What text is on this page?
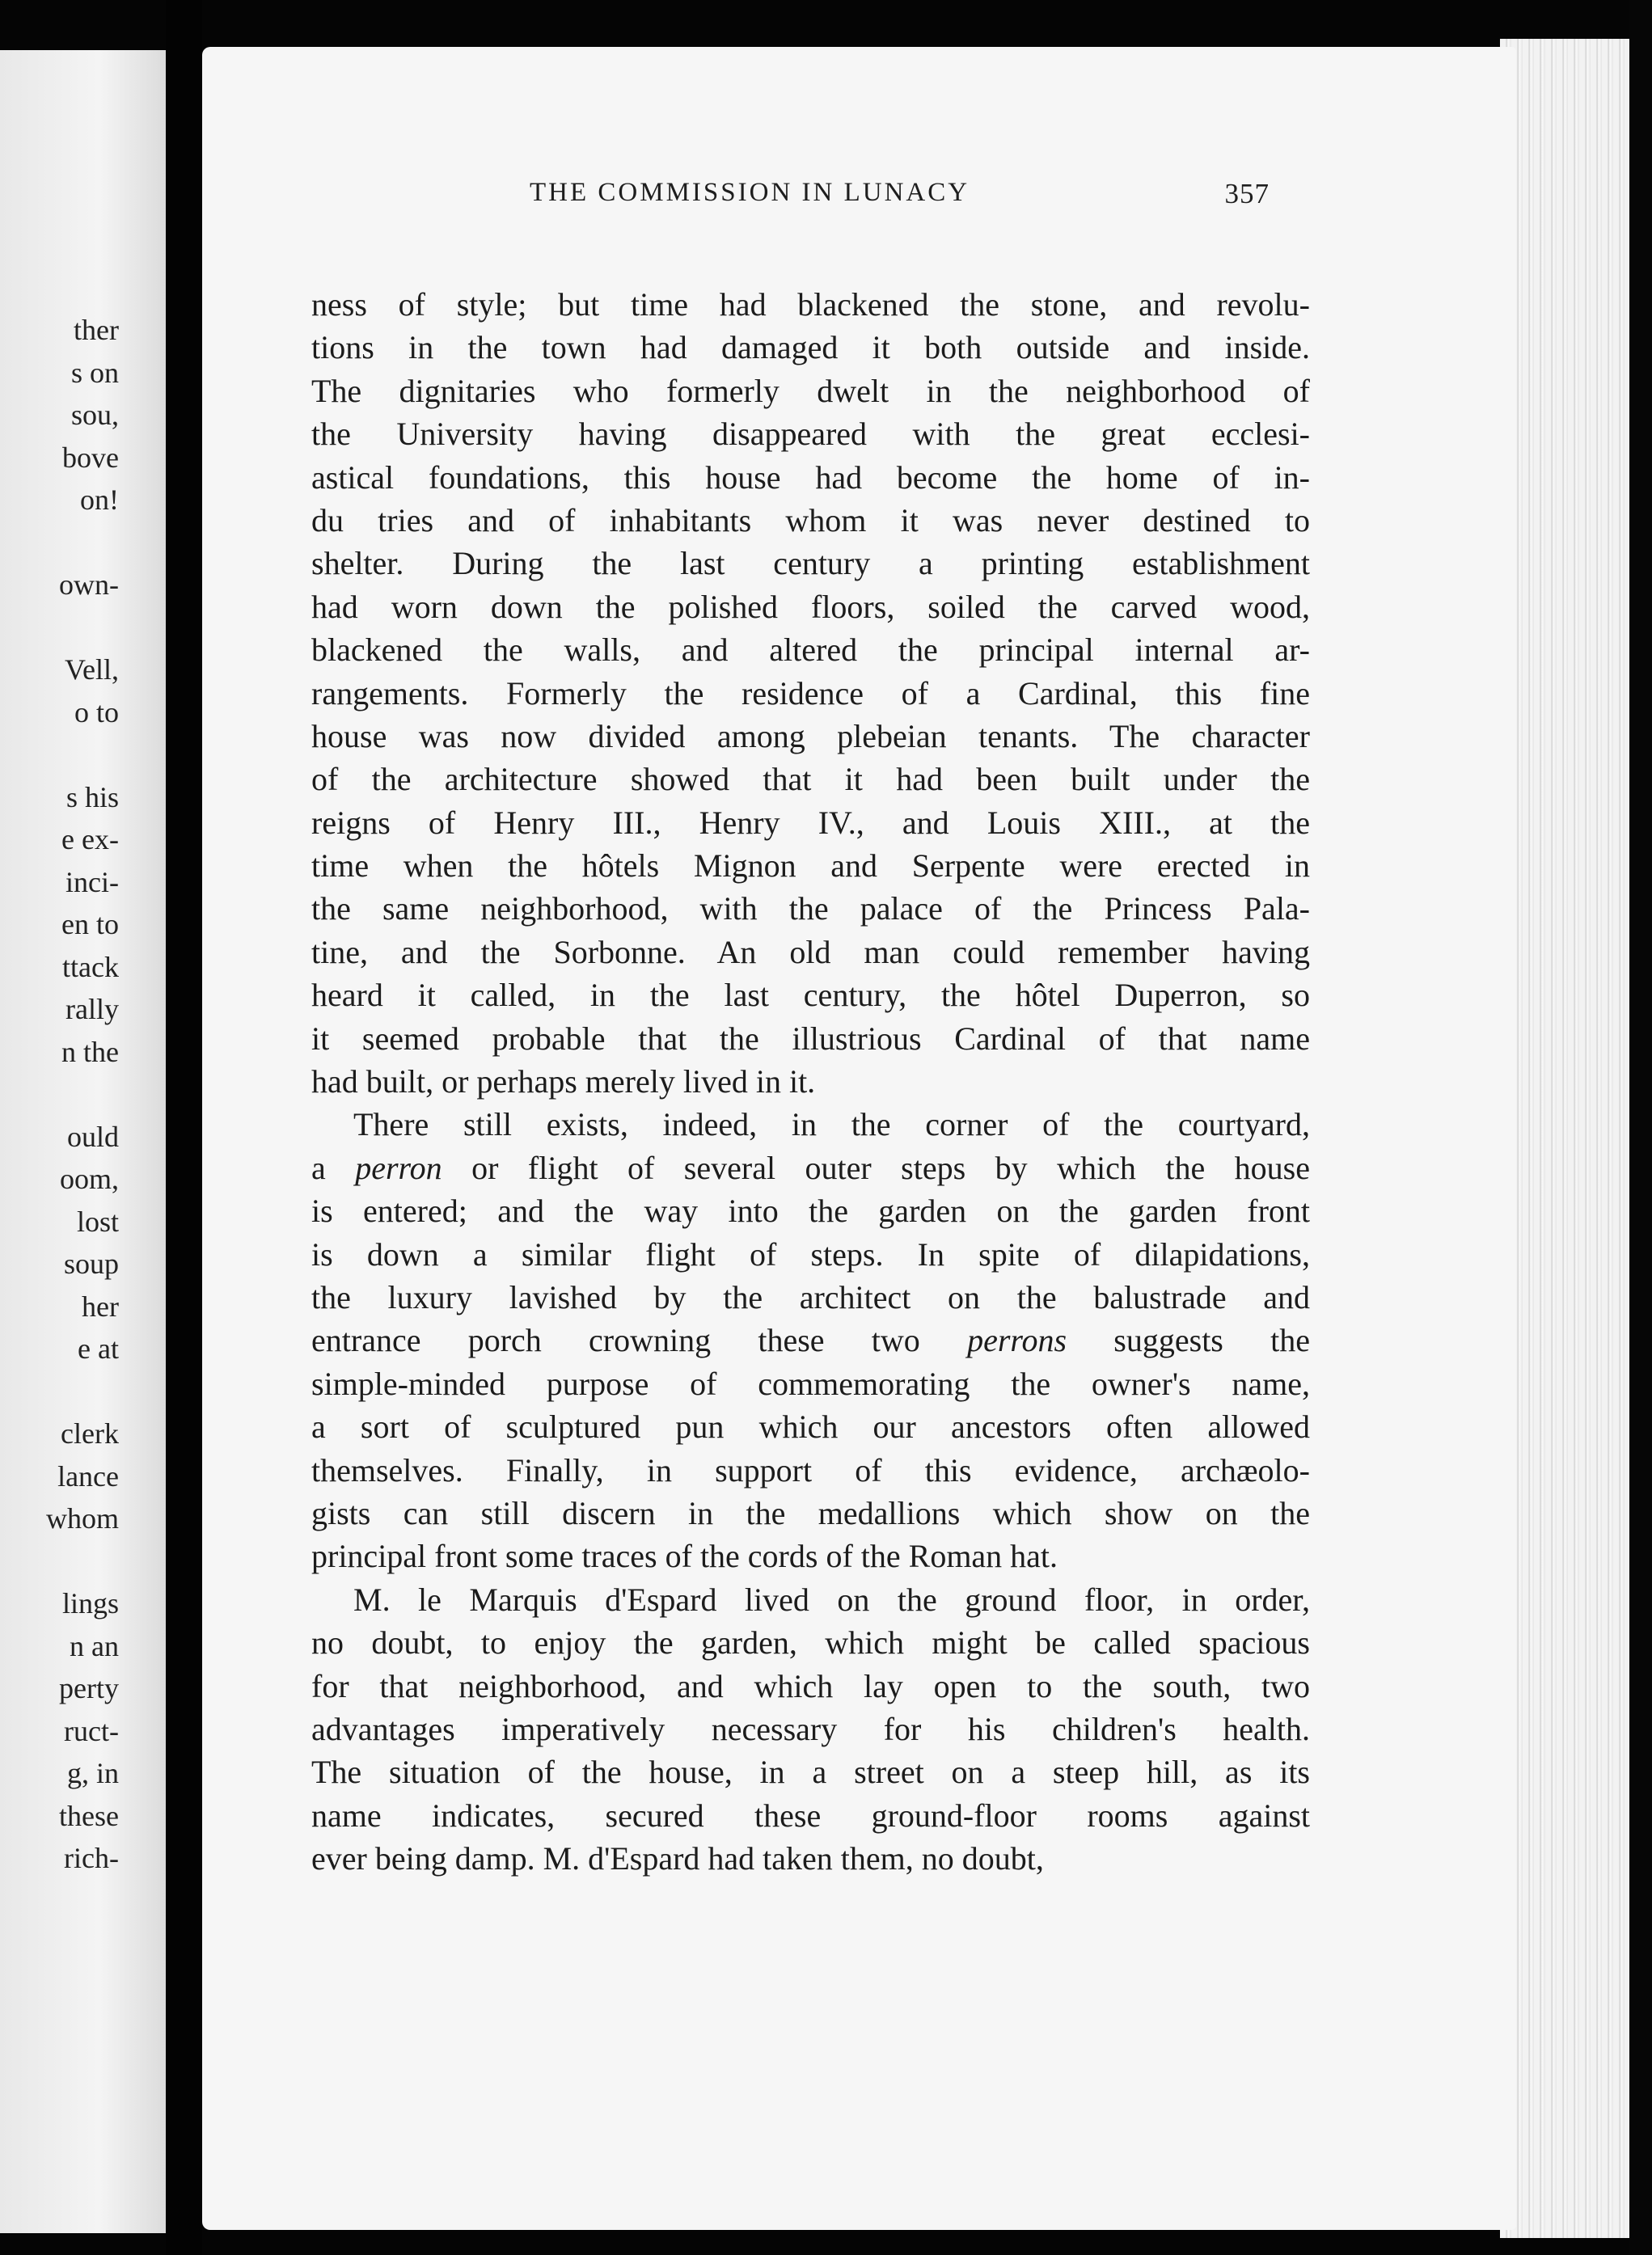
ther
s on
sou,
bove
on!
own-
Vell,
o to
s his
e ex-
inci-
en to
ttack
rally
n the
ould
oom,
lost
soup
her
e at
clerk
lance
whom
lings
n an
perty
ruct-
g, in
these
rich-
THE COMMISSION IN LUNACY	357
ness of style; but time had blackened the stone, and revolu-
tions in the town had damaged it both outside and inside.
The dignitaries who formerly dwelt in the neighborhood of
the University having disappeared with the great ecclesi-
astical foundations, this house had become the home of in-
du tries and of inhabitants whom it was never destined to
shelter. During the last century a printing establishment
had worn down the polished floors, soiled the carved wood,
blackened the walls, and altered the principal internal ar-
rangements. Formerly the residence of a Cardinal, this fine
house was now divided among plebeian tenants. The character
of the architecture showed that it had been built under the
reigns of Henry III., Henry IV., and Louis XIII., at the
time when the hôtels Mignon and Serpente were erected in
the same neighborhood, with the palace of the Princess Pala-
tine, and the Sorbonne. An old man could remember having
heard it called, in the last century, the hôtel Duperron, so
it seemed probable that the illustrious Cardinal of that name
had built, or perhaps merely lived in it.
There still exists, indeed, in the corner of the courtyard,
a perron or flight of several outer steps by which the house
is entered; and the way into the garden on the garden front
is down a similar flight of steps. In spite of dilapidations,
the luxury lavished by the architect on the balustrade and
entrance porch crowning these two perrons suggests the
simple-minded purpose of commemorating the owner's name,
a sort of sculptured pun which our ancestors often allowed
themselves. Finally, in support of this evidence, archæolo-
gists can still discern in the medallions which show on the
principal front some traces of the cords of the Roman hat.
M. le Marquis d'Espard lived on the ground floor, in order,
no doubt, to enjoy the garden, which might be called spacious
for that neighborhood, and which lay open to the south, two
advantages imperatively necessary for his children's health.
The situation of the house, in a street on a steep hill, as its
name indicates, secured these ground-floor rooms against
ever being damp. M. d'Espard had taken them, no doubt,
